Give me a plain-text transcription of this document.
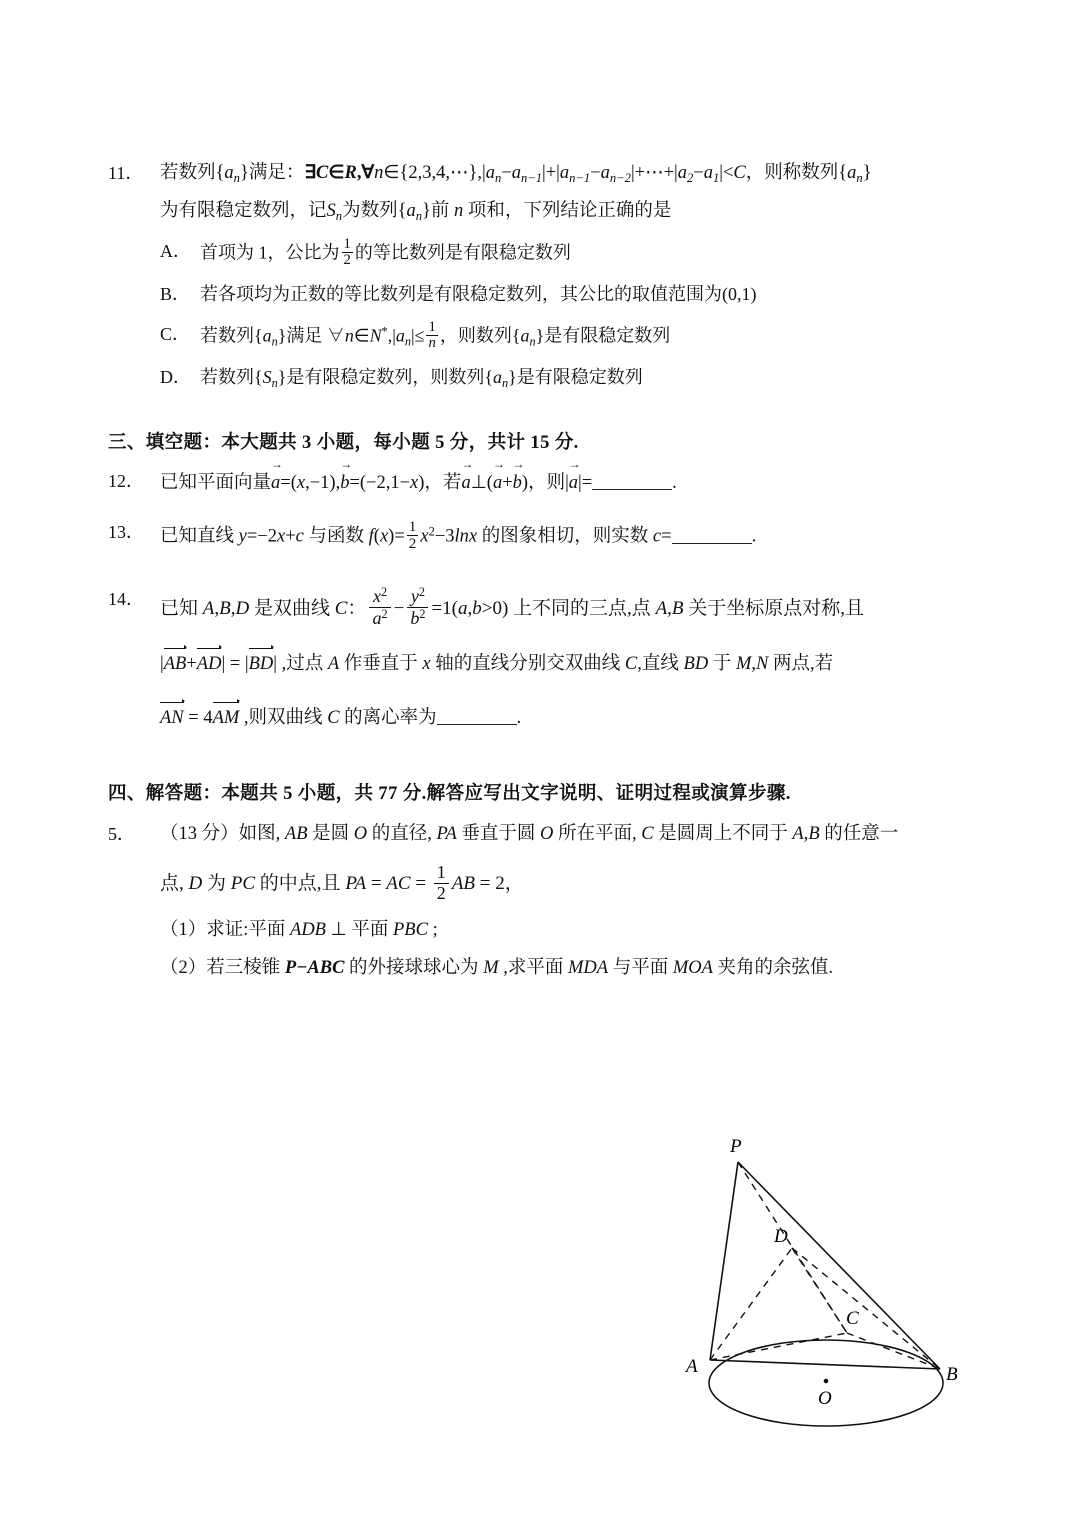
11． 若数列$\{a_n\}$满足：$\exists C\in R,\forall n\in\{2,3,4,\cdots\},|a_n-a_{n-1}|+|a_{n-1}-a_{n-2}|+\cdots+|a_2-a_1|<C$，则称数列$\{a_n\}$
为有限稳定数列，记$S_n$为数列$\{a_n\}$前 n 项和，下列结论正确的是
A． 首项为 1，公比为 $\frac{1}{2}$ 的等比数列是有限稳定数列
B． 若各项均为正数的等比数列是有限稳定数列，其公比的取值范围为(0,1)
C． 若数列$\{a_n\}$满足 $\forall n\in N^*,|a_n|\le \frac{1}{n}$ ，则数列$\{a_n\}$是有限稳定数列
D． 若数列$\{S_n\}$是有限稳定数列，则数列$\{a_n\}$是有限稳定数列
三、填空题：本大题共 3 小题，每小题 5 分，共计 15 分.
12． 已知平面向量a →=(x,−1),b →=(−2,1−x)，若a →⊥(a →+b →)，则|a →|=	.
13． 已知直线 y=−2x+c 与函数 $f(x)= \frac{1}{2} x^2-3\ln x$ 的图象相切，则实数 c=	.
14． 已知 A,B,D 是双曲线 C： $\frac{x^2}{a^2} - \frac{y^2}{b^2} =1(a,b>0)$ 上不同的三点,点 A,B 关于坐标原点对称,且
|AB+AD| = |BD| ,过点 A 作垂直于 x 轴的直线分别交双曲线 C,直线 BD 于 M,N 两点,若
AN = 4AM ,则双曲线 C 的离心率为	.
四、解答题：本题共 5 小题，共 77 分.解答应写出文字说明、证明过程或演算步骤.
5．	（13 分）如图, AB 是圆 O 的直径, PA 垂直于圆 O 所在平面, C 是圆周上不同于 A,B 的任意一
点, D 为 PC 的中点,且 PA = AC = $\frac{1}{2}$ AB = 2，
（1）求证:平面 ADB ⊥ 平面 PBC ;
（2）若三棱锥 P−ABC 的外接球球心为 M ,求平面 MDA 与平面 MOA 夹角的余弦值.
P
D
C
A
O
B
